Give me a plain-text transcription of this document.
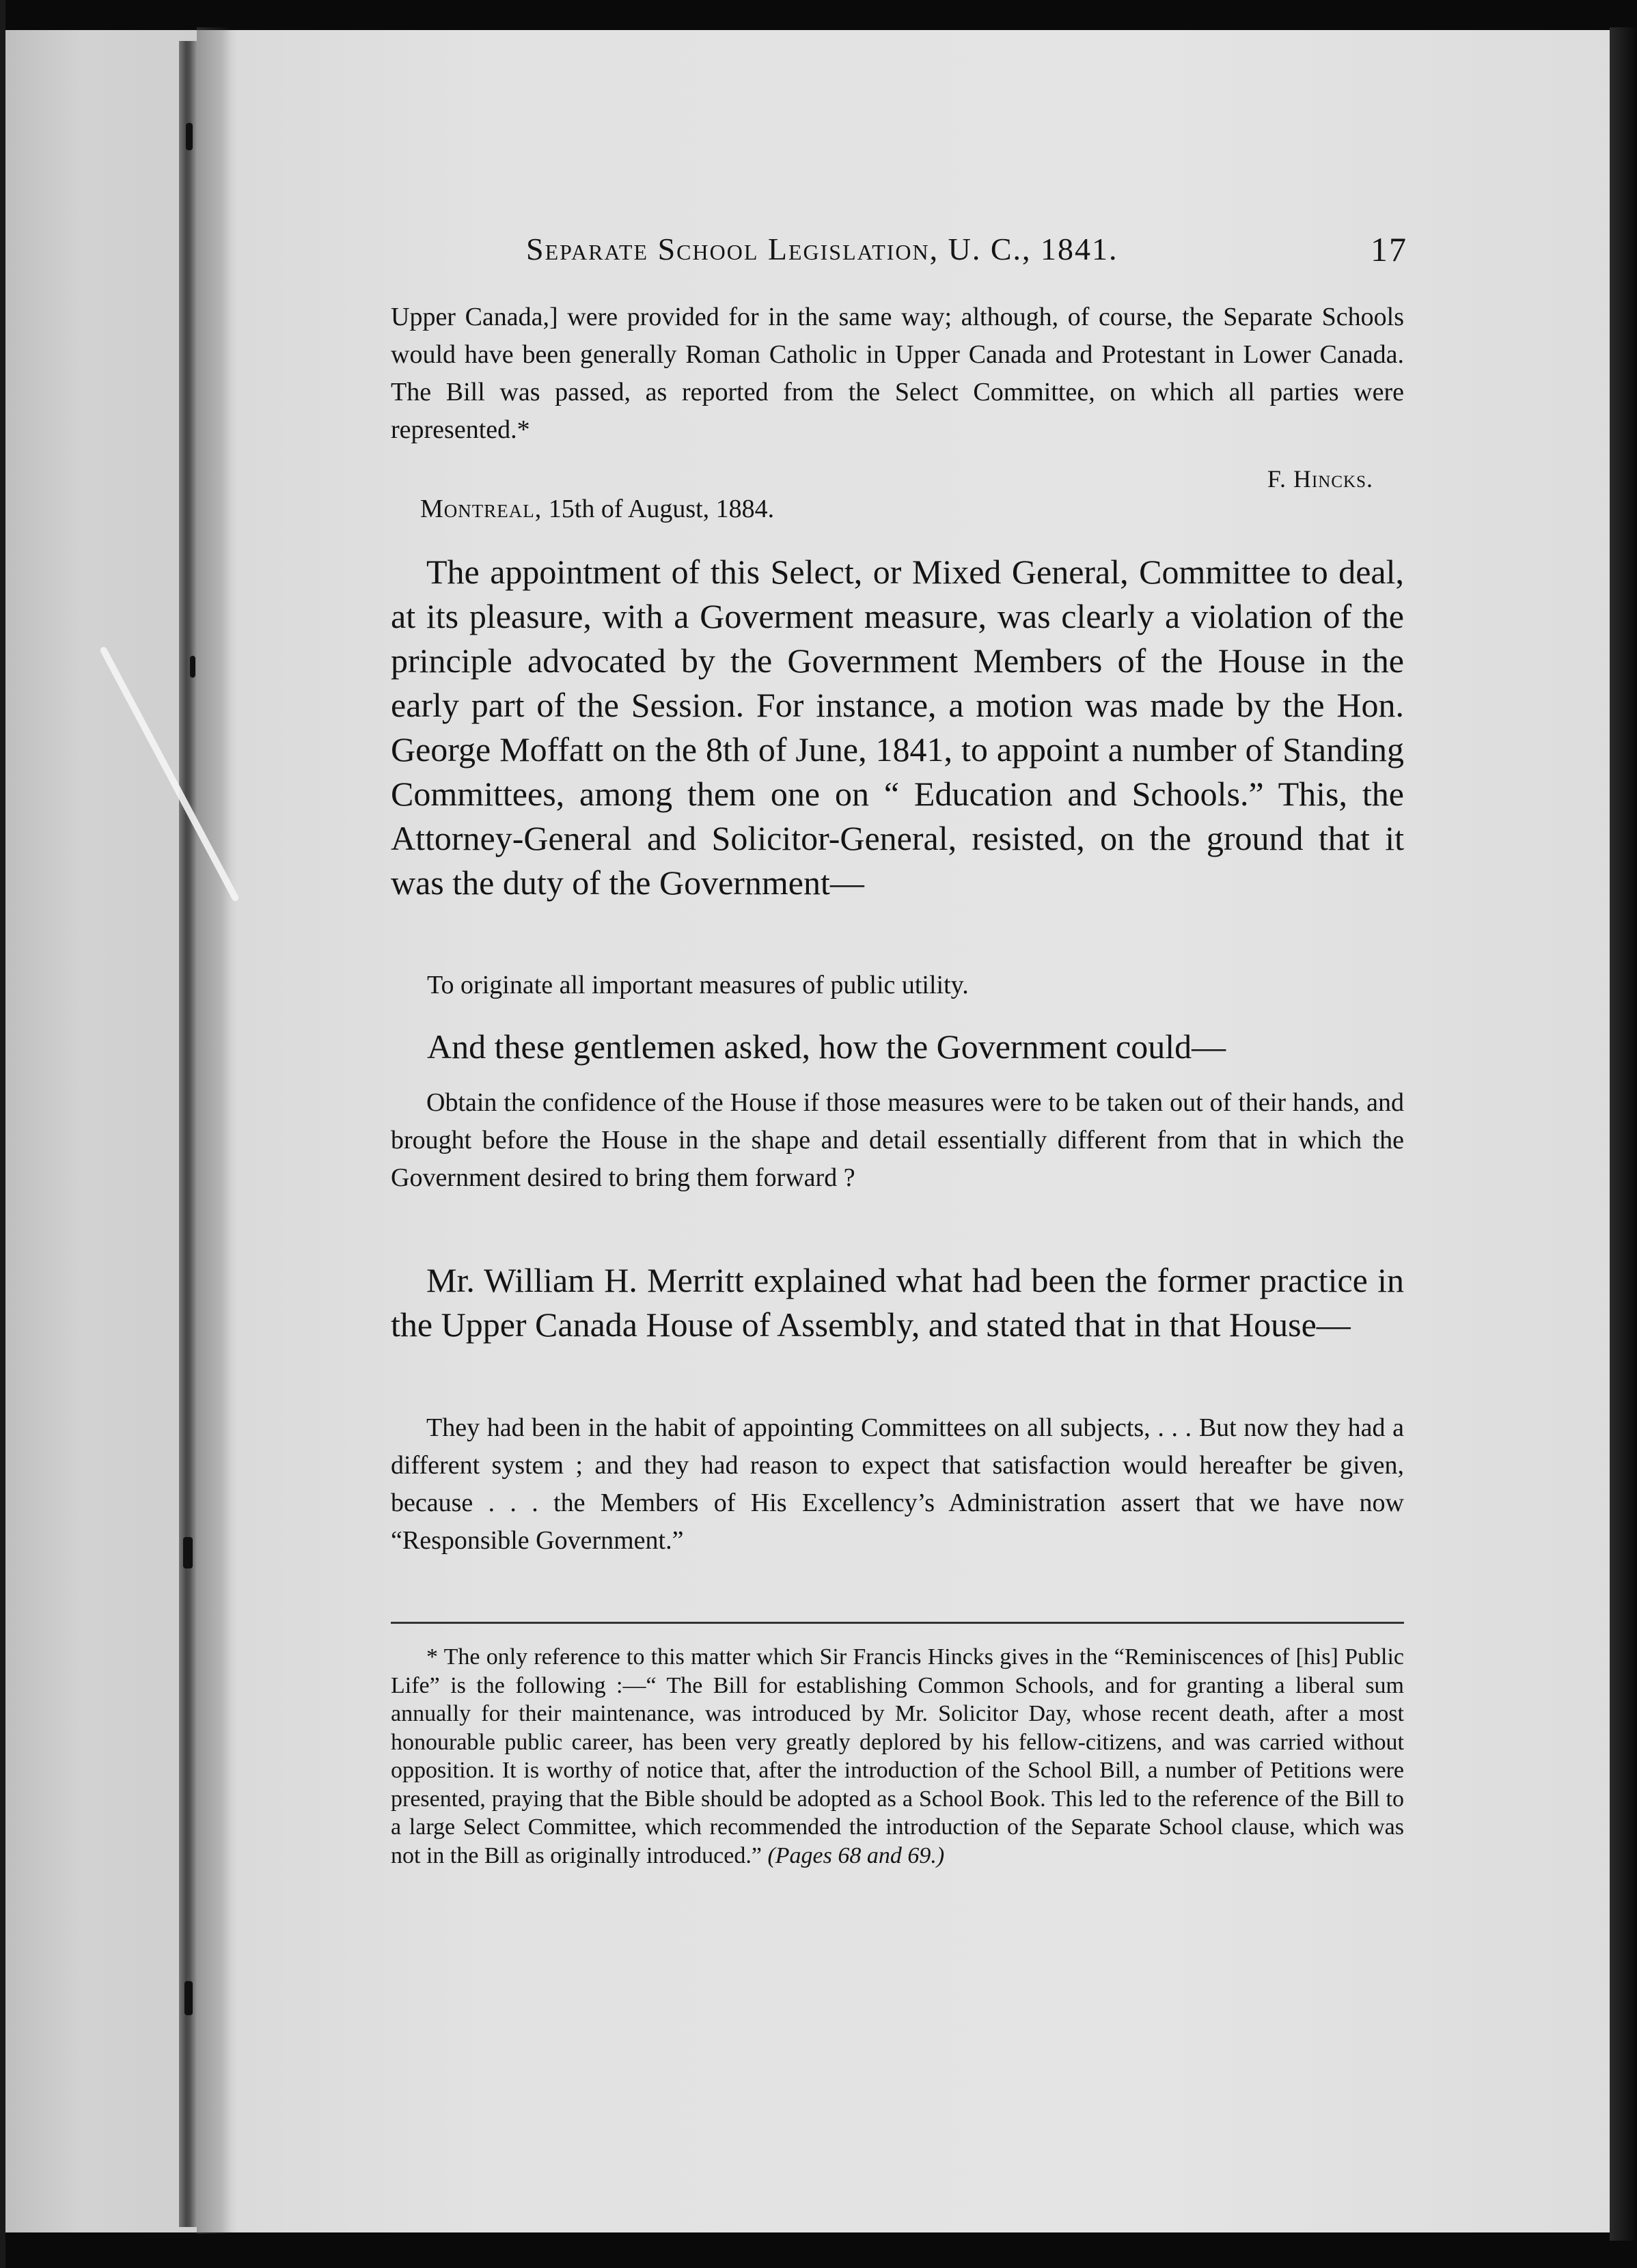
Separate School Legislation, U. C., 1841.	17

Upper Canada,] were provided for in the same way; although, of course, the Separate Schools would have been generally Roman Catholic in Upper Canada and Protestant in Lower Canada. The Bill was passed, as reported from the Select Committee, on which all parties were represented.*

F. Hincks.
Montreal, 15th of August, 1884.

The appointment of this Select, or Mixed General, Committee to deal, at its pleasure, with a Goverment measure, was clearly a violation of the principle advocated by the Government Members of the House in the early part of the Session. For instance, a motion was made by the Hon. George Moffatt on the 8th of June, 1841, to appoint a number of Standing Committees, among them one on “ Education and Schools.” This, the Attorney-General and Solicitor-General, resisted, on the ground that it was the duty of the Government—

To originate all important measures of public utility.

And these gentlemen asked, how the Government could—

Obtain the confidence of the House if those measures were to be taken out of their hands, and brought before the House in the shape and detail essentially different from that in which the Government desired to bring them forward ?

Mr. William H. Merritt explained what had been the former practice in the Upper Canada House of Assembly, and stated that in that House—

They had been in the habit of appointing Committees on all subjects, . . . But now they had a different system ; and they had reason to expect that satisfaction would hereafter be given, because . . . the Members of His Excellency’s Administration assert that we have now “Responsible Government.”

* The only reference to this matter which Sir Francis Hincks gives in the “Reminiscences of [his] Public Life” is the following :—“ The Bill for establishing Common Schools, and for granting a liberal sum annually for their maintenance, was introduced by Mr. Solicitor Day, whose recent death, after a most honourable public career, has been very greatly deplored by his fellow-citizens, and was carried without opposition. It is worthy of notice that, after the introduction of the School Bill, a number of Petitions were presented, praying that the Bible should be adopted as a School Book. This led to the reference of the Bill to a large Select Committee, which recommended the introduction of the Separate School clause, which was not in the Bill as originally introduced.” (Pages 68 and 69.)
